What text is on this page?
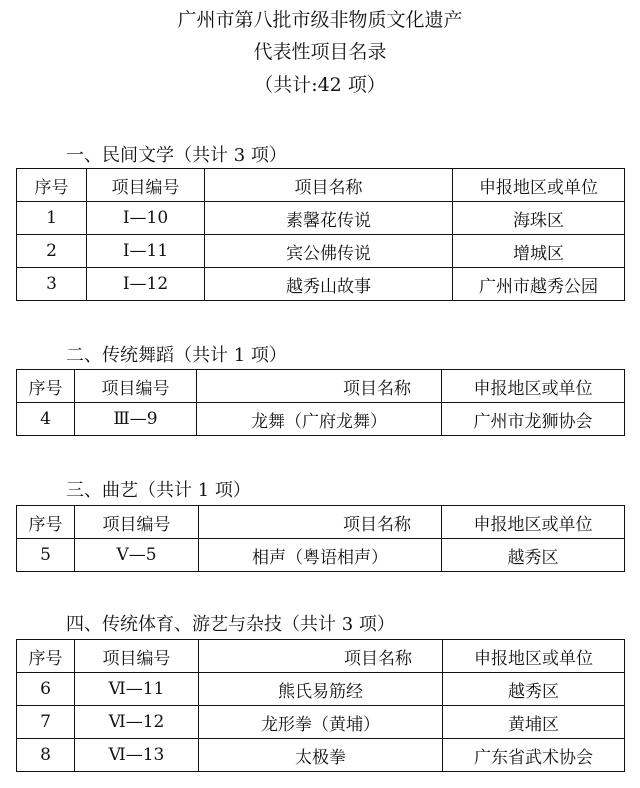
广州市第八批市级非物质文化遗产
代表性项目名录
（共计:42 项）
一、民间文学（共计 3 项）
序号	项目编号	项目名称	申报地区或单位
1	Ⅰ—10	素馨花传说	海珠区
2	Ⅰ—11	宾公佛传说	增城区
3	Ⅰ—12	越秀山故事	广州市越秀公园
二、传统舞蹈（共计 1 项）
序号	项目编号	项目名称	申报地区或单位
4	Ⅲ—9	龙舞（广府龙舞）	广州市龙狮协会
三、曲艺（共计 1 项）
序号	项目编号	项目名称	申报地区或单位
5	Ⅴ—5	相声（粤语相声）	越秀区
四、传统体育、游艺与杂技（共计 3 项）
序号	项目编号	项目名称	申报地区或单位
6	Ⅵ—11	熊氏易筋经	越秀区
7	Ⅵ—12	龙形拳（黄埔）	黄埔区
8	Ⅵ—13	太极拳	广东省武术协会
